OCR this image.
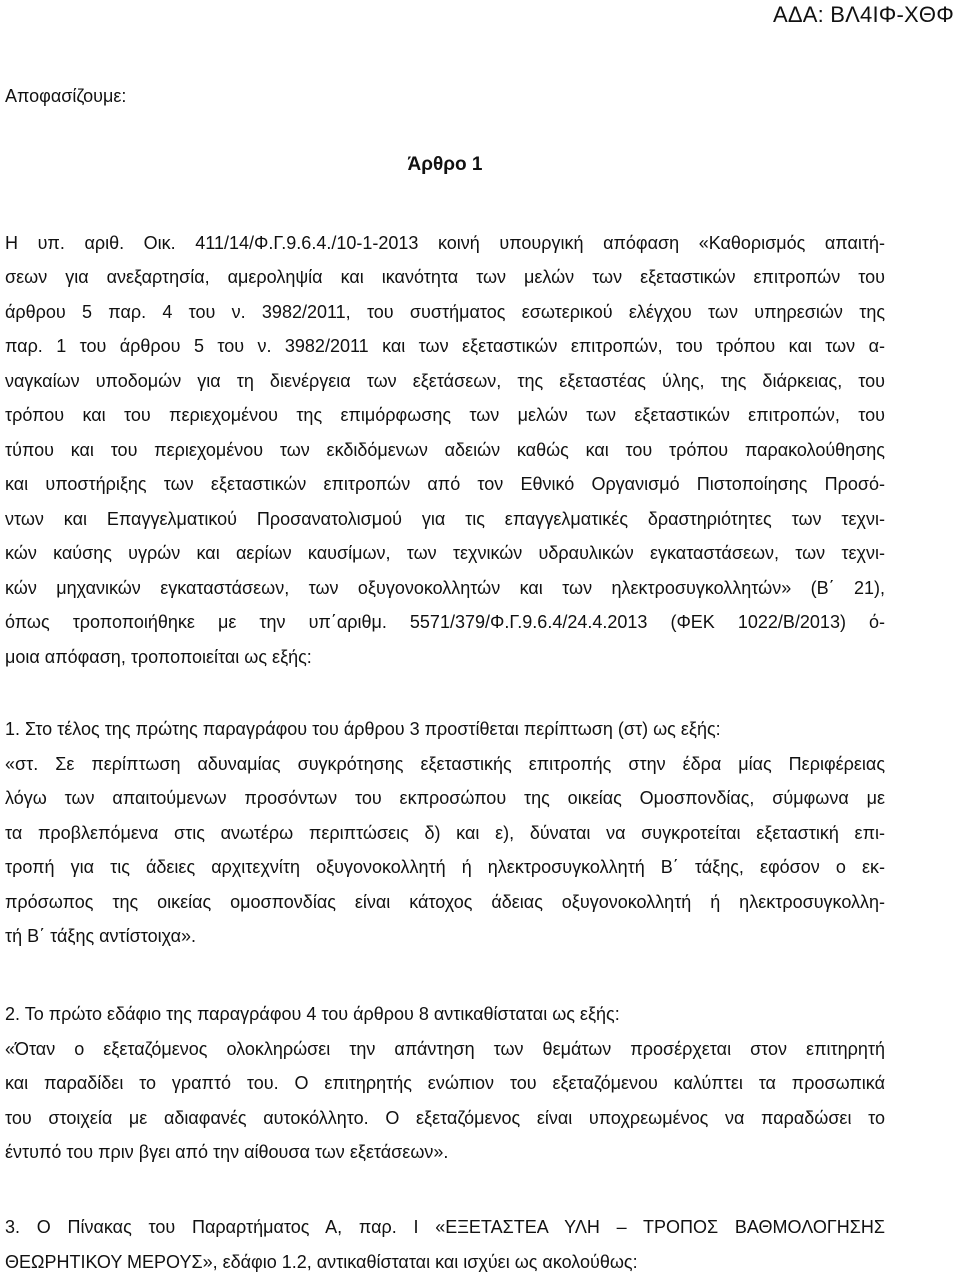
ΑΔΑ: ΒΛ4ΙΦ-ΧΘΦ
Αποφασίζουμε:
Άρθρο 1
Η υπ. αριθ. Οικ. 411/14/Φ.Γ.9.6.4./10-1-2013 κοινή υπουργική απόφαση «Καθορισμός απαιτή-
σεων για ανεξαρτησία, αμεροληψία και ικανότητα των μελών των εξεταστικών επιτροπών του
άρθρου 5 παρ. 4 του ν. 3982/2011, του συστήματος εσωτερικού ελέγχου των υπηρεσιών της
παρ. 1 του άρθρου 5 του ν. 3982/2011 και των εξεταστικών επιτροπών, του τρόπου και των α-
ναγκαίων υποδομών για τη διενέργεια των εξετάσεων, της εξεταστέας ύλης, της διάρκειας, του
τρόπου και του περιεχομένου της επιμόρφωσης των μελών των εξεταστικών επιτροπών, του
τύπου και του περιεχομένου των εκδιδόμενων αδειών καθώς και του τρόπου παρακολούθησης
και υποστήριξης των εξεταστικών επιτροπών από τον Εθνικό Οργανισμό Πιστοποίησης Προσό-
ντων και Επαγγελματικού Προσανατολισμού για τις επαγγελματικές δραστηριότητες των τεχνι-
κών καύσης υγρών και αερίων καυσίμων, των τεχνικών υδραυλικών εγκαταστάσεων, των τεχνι-
κών μηχανικών εγκαταστάσεων, των οξυγονοκολλητών και των ηλεκτροσυγκολλητών» (Β΄ 21),
όπως τροποποιήθηκε με την υπ΄αριθμ. 5571/379/Φ.Γ.9.6.4/24.4.2013 (ΦΕΚ 1022/Β/2013) ό-
μοια απόφαση, τροποποιείται ως εξής:
1. Στο τέλος της πρώτης παραγράφου του άρθρου 3 προστίθεται περίπτωση (στ) ως εξής:
«στ. Σε περίπτωση αδυναμίας συγκρότησης εξεταστικής επιτροπής στην έδρα μίας Περιφέρειας
λόγω των απαιτούμενων προσόντων του εκπροσώπου της οικείας Ομοσπονδίας, σύμφωνα με
τα προβλεπόμενα στις ανωτέρω περιπτώσεις δ) και ε), δύναται να συγκροτείται εξεταστική επι-
τροπή για τις άδειες αρχιτεχνίτη οξυγονοκολλητή ή ηλεκτροσυγκολλητή Β΄ τάξης, εφόσον ο εκ-
πρόσωπος της οικείας ομοσπονδίας είναι κάτοχος άδειας οξυγονοκολλητή ή ηλεκτροσυγκολλη-
τή Β΄ τάξης αντίστοιχα».
2. Το πρώτο εδάφιο της παραγράφου 4 του άρθρου 8 αντικαθίσταται ως εξής:
«Όταν ο εξεταζόμενος ολοκληρώσει την απάντηση των θεμάτων προσέρχεται στον επιτηρητή
και παραδίδει το γραπτό του. Ο επιτηρητής ενώπιον του εξεταζόμενου καλύπτει τα προσωπικά
του στοιχεία με αδιαφανές αυτοκόλλητο. Ο εξεταζόμενος είναι υποχρεωμένος να παραδώσει το
έντυπό του πριν βγει από την αίθουσα των εξετάσεων».
3. Ο Πίνακας του Παραρτήματος Α, παρ. Ι «ΕΞΕΤΑΣΤΕΑ ΥΛΗ – ΤΡΟΠΟΣ ΒΑΘΜΟΛΟΓΗΣΗΣ
ΘΕΩΡΗΤΙΚΟΥ ΜΕΡΟΥΣ», εδάφιο 1.2, αντικαθίσταται και ισχύει ως ακολούθως:
